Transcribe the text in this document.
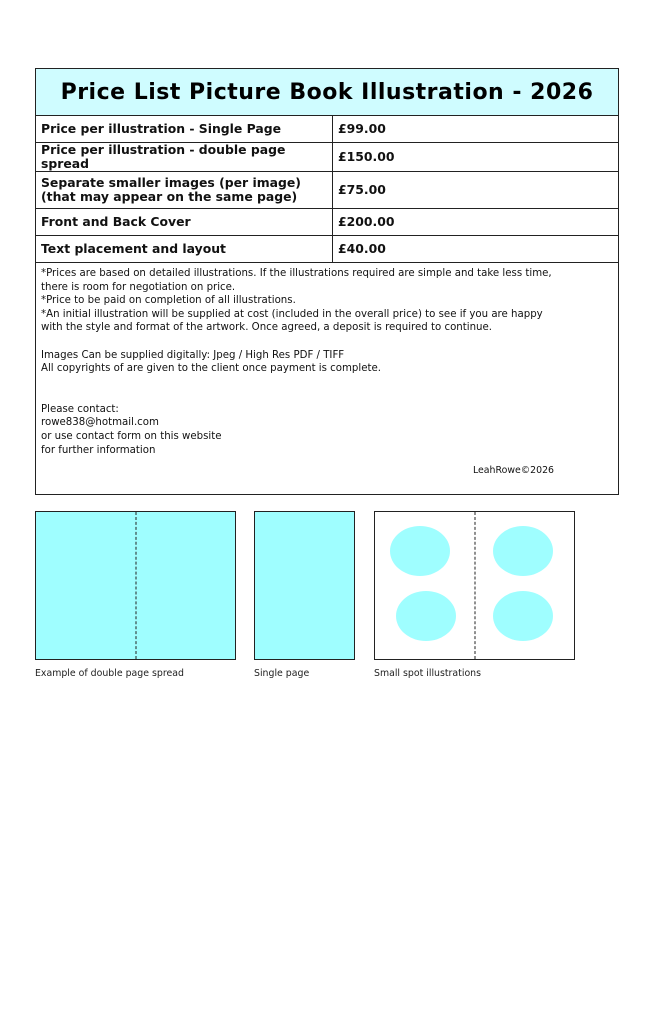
Price List Picture Book Illustration - 2026
Price per illustration - Single Page	£99.00
Price per illustration - double page spread	£150.00

Separate smaller images (per image)
(that may appear on the same page)	£75.00
Front and Back Cover	£200.00
Text placement and layout	£40.00

*Prices are based on detailed illustrations. If the illustrations required are simple and take less time,

there is room for negotiation on price.

*Price to be paid on completion of all illustrations.

*An initial illustration will be supplied at cost (included in the overall price) to see if you are happy

with the style and format of the artwork. Once agreed, a deposit is required to continue.

Images Can be supplied digitally: Jpeg / High Res PDF / TIFF

All copyrights of are given to the client once payment is complete.

Please contact:

rowe838@hotmail.com

or use contact form on this website

for further information

LeahRowe©2026
Example of double page spread	Single page	Small spot illustrations
